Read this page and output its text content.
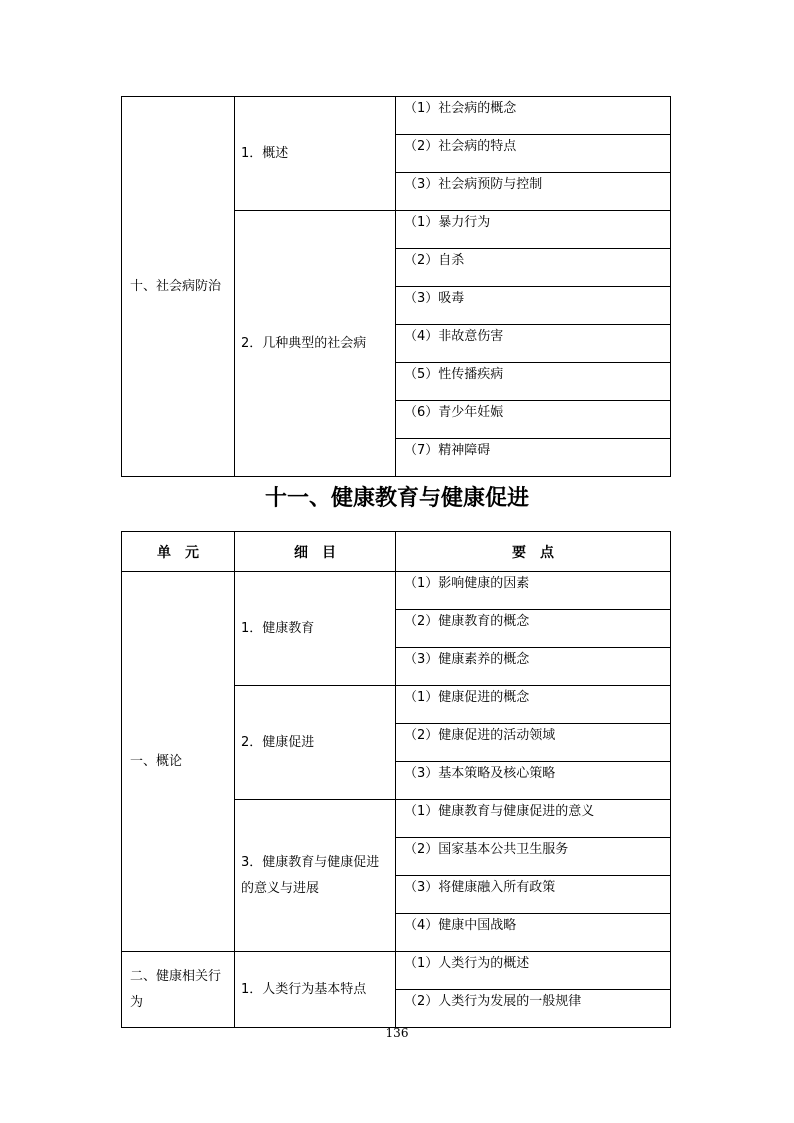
十、社会病防治	1．概述	（1）社会病的概念
		（2）社会病的特点
		（3）社会病预防与控制
	2．几种典型的社会病	（1）暴力行为
		（2）自杀
		（3）吸毒
		（4）非故意伤害
		（5）性传播疾病
		（6）青少年妊娠
		（7）精神障碍
十一、健康教育与健康促进
单　元	细　目	要　点
一、概论	1．健康教育	（1）影响健康的因素
		（2）健康教育的概念
		（3）健康素养的概念
	2．健康促进	（1）健康促进的概念
		（2）健康促进的活动领域
		（3）基本策略及核心策略
	3．健康教育与健康促进的意义与进展	（1）健康教育与健康促进的意义
		（2）国家基本公共卫生服务
		（3）将健康融入所有政策
		（4）健康中国战略
二、健康相关行为	1．人类行为基本特点	（1）人类行为的概述
		（2）人类行为发展的一般规律
136
